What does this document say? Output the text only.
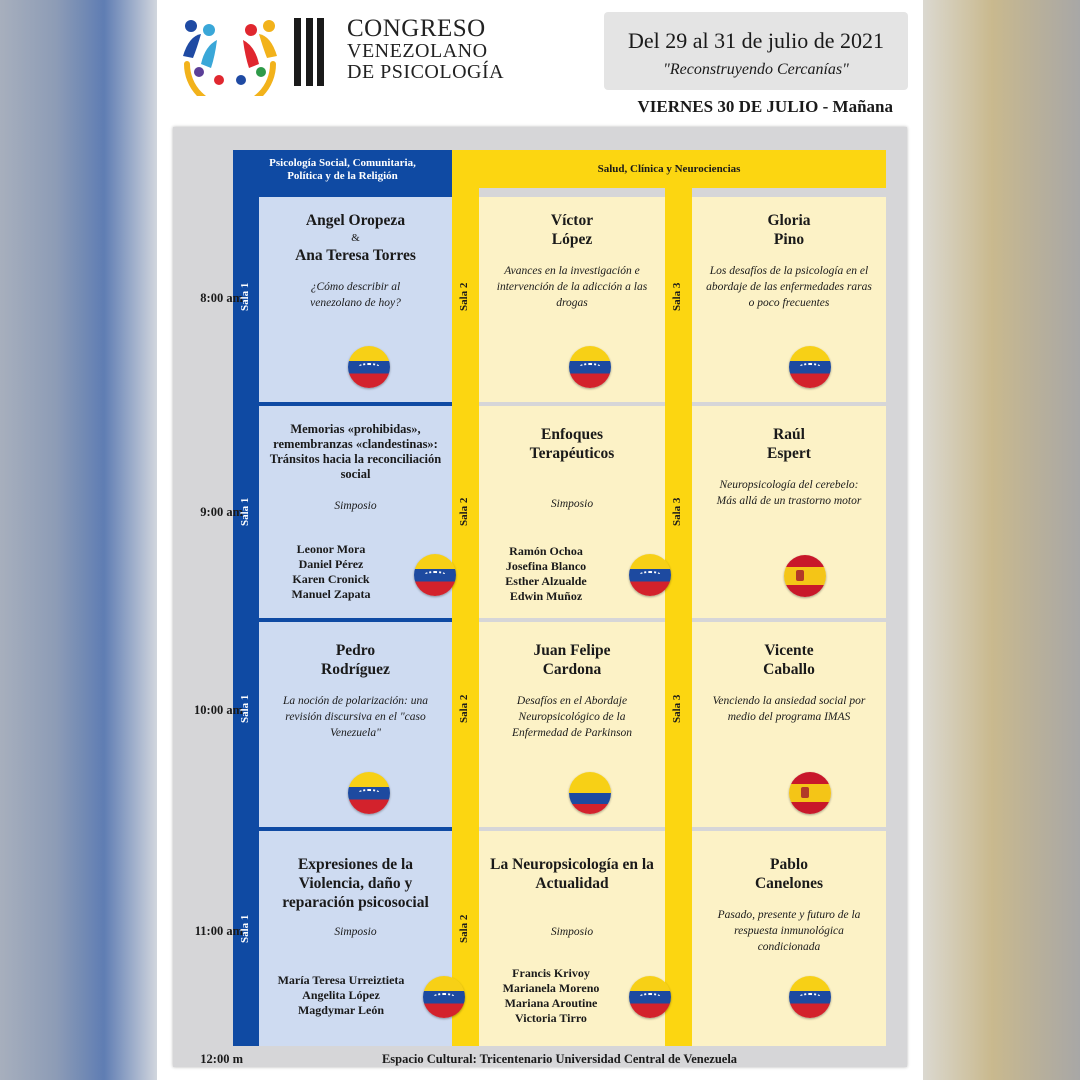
CONGRESO
VENEZOLANO
DE PSICOLOGÍA
Del 29 al 31 de julio de 2021
"Reconstruyendo Cercanías"
VIERNES 30 DE JULIO - Mañana
Psicología Social, Comunitaria,
Política y de la Religión
Salud, Clínica y Neurociencias
8:00 am
9:00 am
10:00 am
11:00 am
12:00 m
Sala 1
Sala 1
Sala 1
Sala 1
Sala 2
Sala 2
Sala 2
Sala 2
Sala 3
Sala 3
Sala 3
Angel Oropeza
&
Ana Teresa Torres
¿Cómo describir al venezolano de hoy?
Víctor López
Avances en la investigación e intervención de la adicción a las drogas
Gloria Pino
Los desafíos de la psicología en el abordaje de las enfermedades raras o poco frecuentes
Memorias «prohibidas», remembranzas «clandestinas»: Tránsitos hacia la reconciliación social
Simposio
Leonor Mora
Daniel Pérez
Karen Cronick
Manuel Zapata
Enfoques Terapéuticos
Simposio
Ramón Ochoa
Josefina Blanco
Esther Alzualde
Edwin Muñoz
Raúl Espert
Neuropsicología del cerebelo: Más allá de un trastorno motor
Pedro Rodríguez
La noción de polarización: una revisión discursiva en el "caso Venezuela"
Juan Felipe Cardona
Desafíos en el Abordaje Neuropsicológico de la Enfermedad de Parkinson
Vicente Caballo
Venciendo la ansiedad social por medio del programa IMAS
Expresiones de la Violencia, daño y reparación psicosocial
Simposio
María Teresa Urreiztieta
Angelita López
Magdymar León
La Neuropsicología en la Actualidad
Simposio
Francis Krivoy
Marianela Moreno
Mariana Aroutine
Victoria Tirro
Pablo Canelones
Pasado, presente y futuro de la respuesta inmunológica condicionada
Espacio Cultural: Tricentenario Universidad Central de Venezuela
